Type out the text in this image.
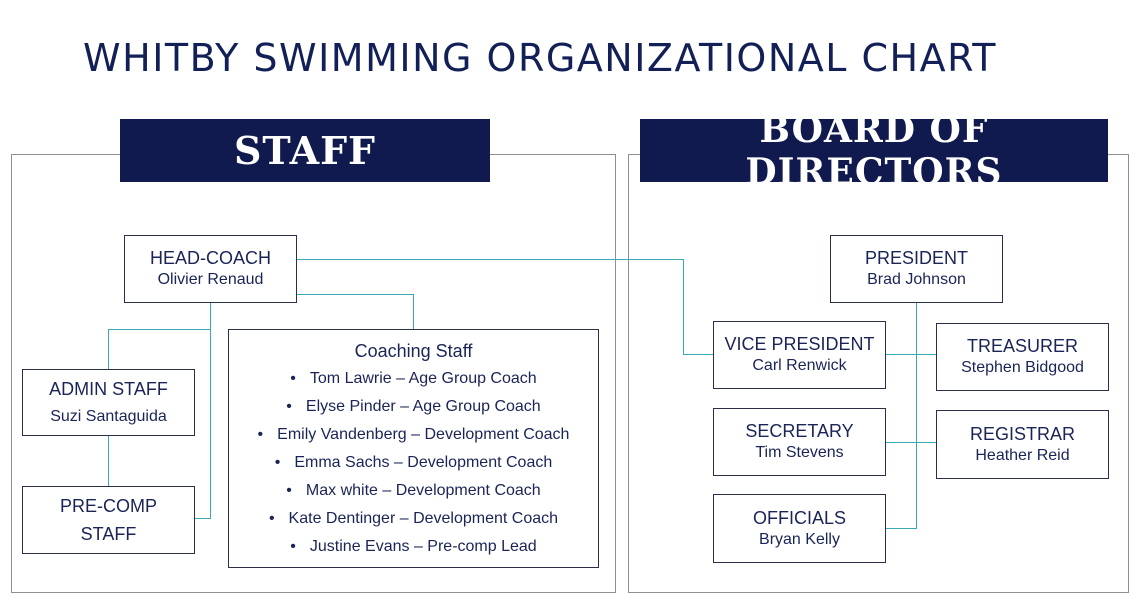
WHITBY SWIMMING ORGANIZATIONAL CHART
STAFF	BOARD OF DIRECTORS
HEAD-COACH
Olivier Renaud
ADMIN STAFF
Suzi Santaguida
PRE-COMP
STAFF
Coaching Staff
• Tom Lawrie – Age Group Coach
• Elyse Pinder – Age Group Coach
• Emily Vandenberg – Development Coach
• Emma Sachs – Development Coach
• Max white – Development Coach
• Kate Dentinger – Development Coach
• Justine Evans – Pre-comp Lead
PRESIDENT
Brad Johnson
VICE PRESIDENT
Carl Renwick
TREASURER
Stephen Bidgood
SECRETARY
Tim Stevens
REGISTRAR
Heather Reid
OFFICIALS
Bryan Kelly
